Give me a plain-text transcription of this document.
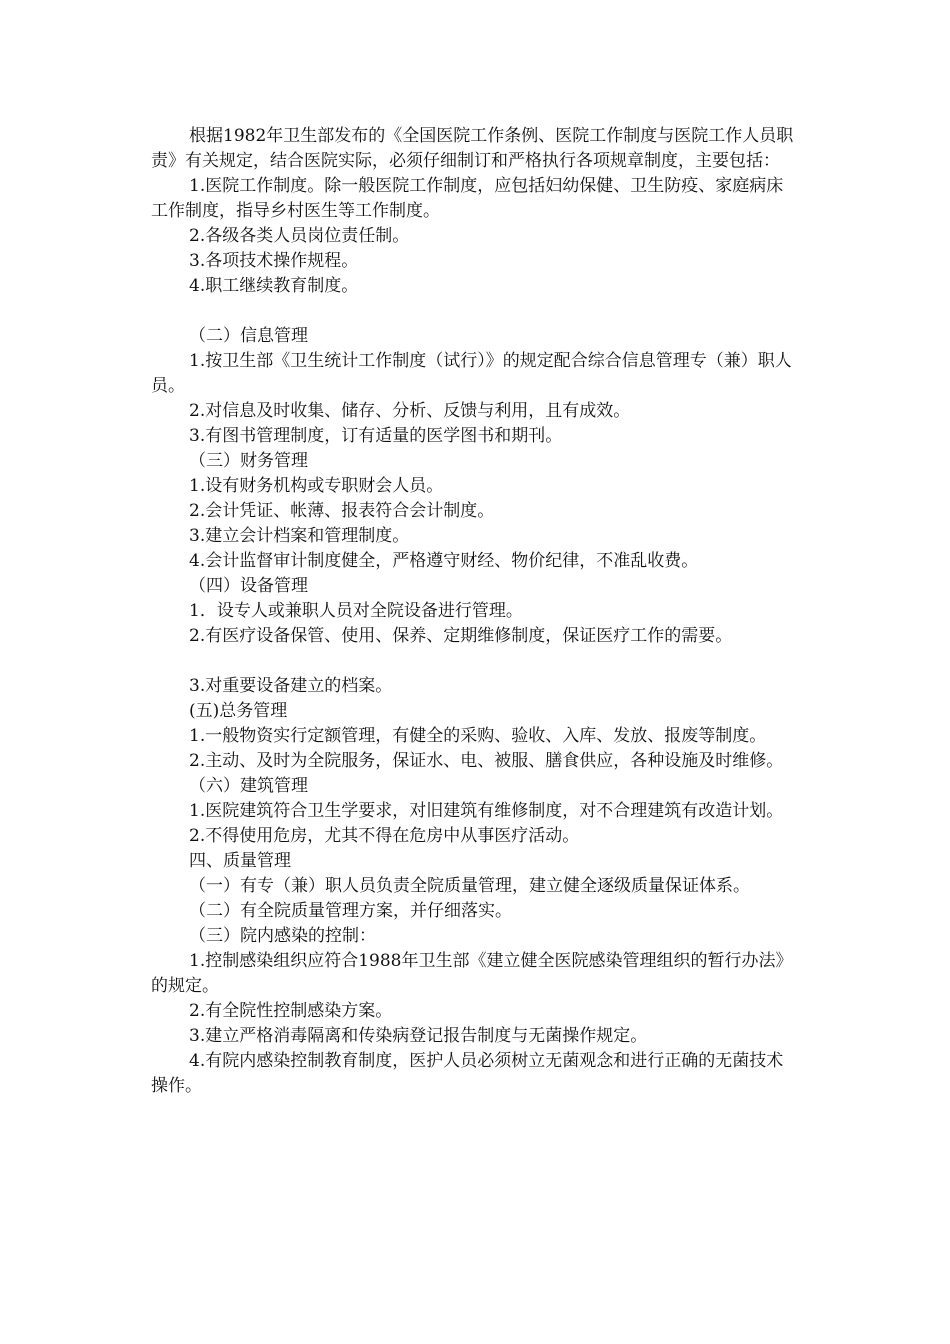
根据1982年卫生部发布的《全国医院工作条例、医院工作制度与医院工作人员职责》有关规定，结合医院实际，必须仔细制订和严格执行各项规章制度，主要包括：

1.医院工作制度。除一般医院工作制度，应包括妇幼保健、卫生防疫、家庭病床工作制度，指导乡村医生等工作制度。

2.各级各类人员岗位责任制。

3.各项技术操作规程。

4.职工继续教育制度。

（二）信息管理

1.按卫生部《卫生统计工作制度（试行）》的规定配合综合信息管理专（兼）职人员。

2.对信息及时收集、储存、分析、反馈与利用，且有成效。

3.有图书管理制度，订有适量的医学图书和期刊。

（三）财务管理

1.设有财务机构或专职财会人员。

2.会计凭证、帐薄、报表符合会计制度。

3.建立会计档案和管理制度。

4.会计监督审计制度健全，严格遵守财经、物价纪律，不准乱收费。

（四）设备管理

1．设专人或兼职人员对全院设备进行管理。

2.有医疗设备保管、使用、保养、定期维修制度，保证医疗工作的需要。

3.对重要设备建立的档案。

(五)总务管理

1.一般物资实行定额管理，有健全的采购、验收、入库、发放、报废等制度。

2.主动、及时为全院服务，保证水、电、被服、膳食供应，各种设施及时维修。

（六）建筑管理

1.医院建筑符合卫生学要求，对旧建筑有维修制度，对不合理建筑有改造计划。

2.不得使用危房，尤其不得在危房中从事医疗活动。

四、质量管理

（一）有专（兼）职人员负责全院质量管理，建立健全逐级质量保证体系。

（二）有全院质量管理方案，并仔细落实。

（三）院内感染的控制：

1.控制感染组织应符合1988年卫生部《建立健全医院感染管理组织的暂行办法》的规定。

2.有全院性控制感染方案。

3.建立严格消毒隔离和传染病登记报告制度与无菌操作规定。

4.有院内感染控制教育制度，医护人员必须树立无菌观念和进行正确的无菌技术操作。
